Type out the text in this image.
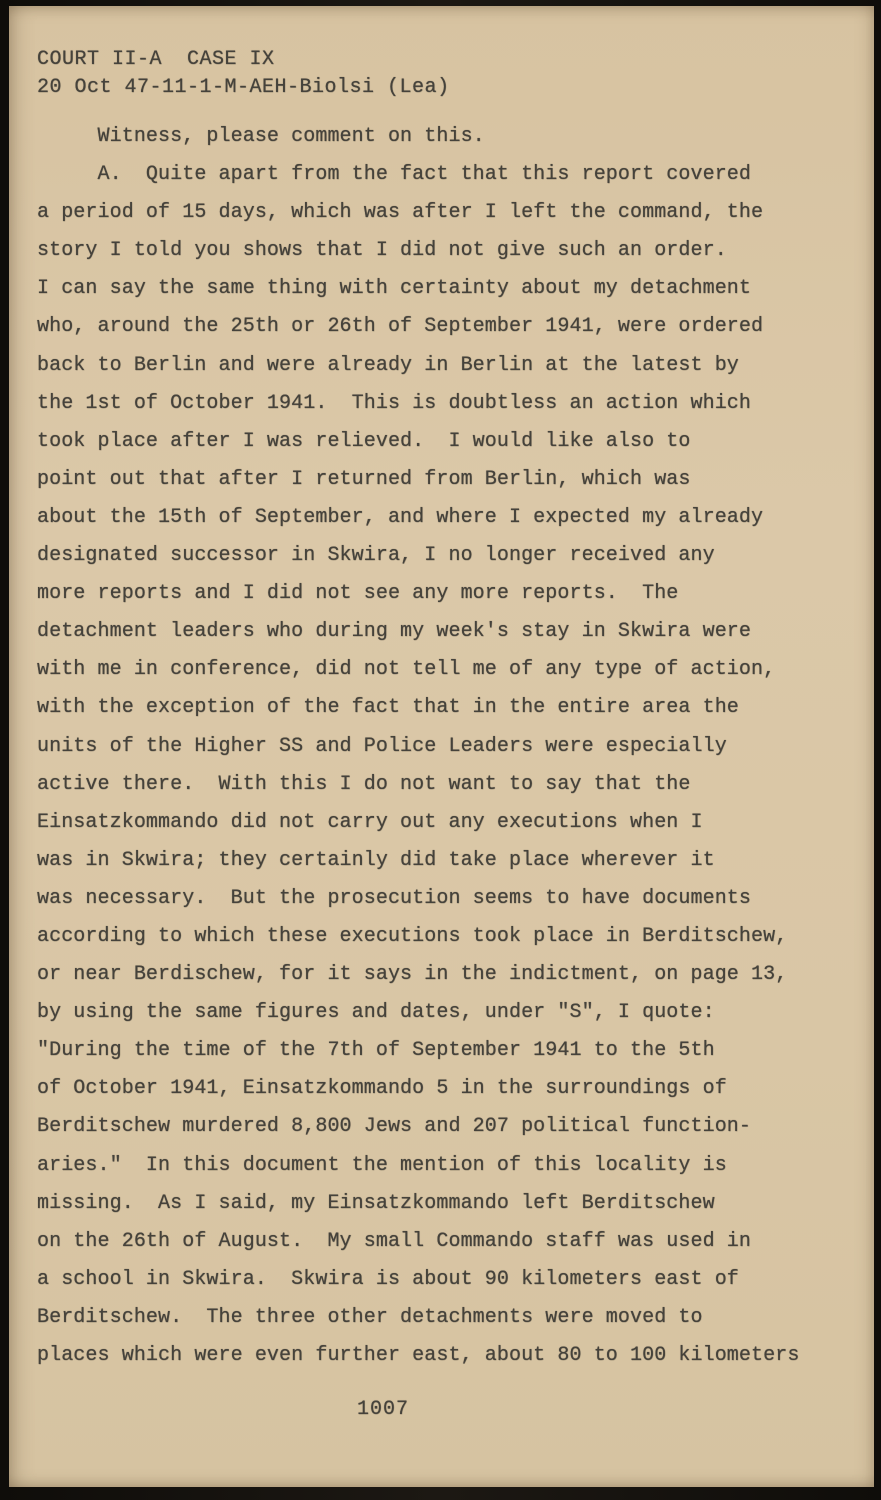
COURT II-A  CASE IX
20 Oct 47-11-1-M-AEH-Biolsi (Lea)
Witness, please comment on this.
A.  Quite apart from the fact that this report covered
a period of 15 days, which was after I left the command, the
story I told you shows that I did not give such an order.
I can say the same thing with certainty about my detachment
who, around the 25th or 26th of September 1941, were ordered
back to Berlin and were already in Berlin at the latest by
the 1st of October 1941.  This is doubtless an action which
took place after I was relieved.  I would like also to
point out that after I returned from Berlin, which was
about the 15th of September, and where I expected my already
designated successor in Skwira, I no longer received any
more reports and I did not see any more reports.  The
detachment leaders who during my week's stay in Skwira were
with me in conference, did not tell me of any type of action,
with the exception of the fact that in the entire area the
units of the Higher SS and Police Leaders were especially
active there.  With this I do not want to say that the
Einsatzkommando did not carry out any executions when I
was in Skwira; they certainly did take place wherever it
was necessary.  But the prosecution seems to have documents
according to which these executions took place in Berditschew,
or near Berdischew, for it says in the indictment, on page 13,
by using the same figures and dates, under "S", I quote:
"During the time of the 7th of September 1941 to the 5th
of October 1941, Einsatzkommando 5 in the surroundings of
Berditschew murdered 8,800 Jews and 207 political function-
aries."  In this document the mention of this locality is
missing.  As I said, my Einsatzkommando left Berditschew
on the 26th of August.  My small Commando staff was used in
a school in Skwira.  Skwira is about 90 kilometers east of
Berditschew.  The three other detachments were moved to
places which were even further east, about 80 to 100 kilometers
1007
